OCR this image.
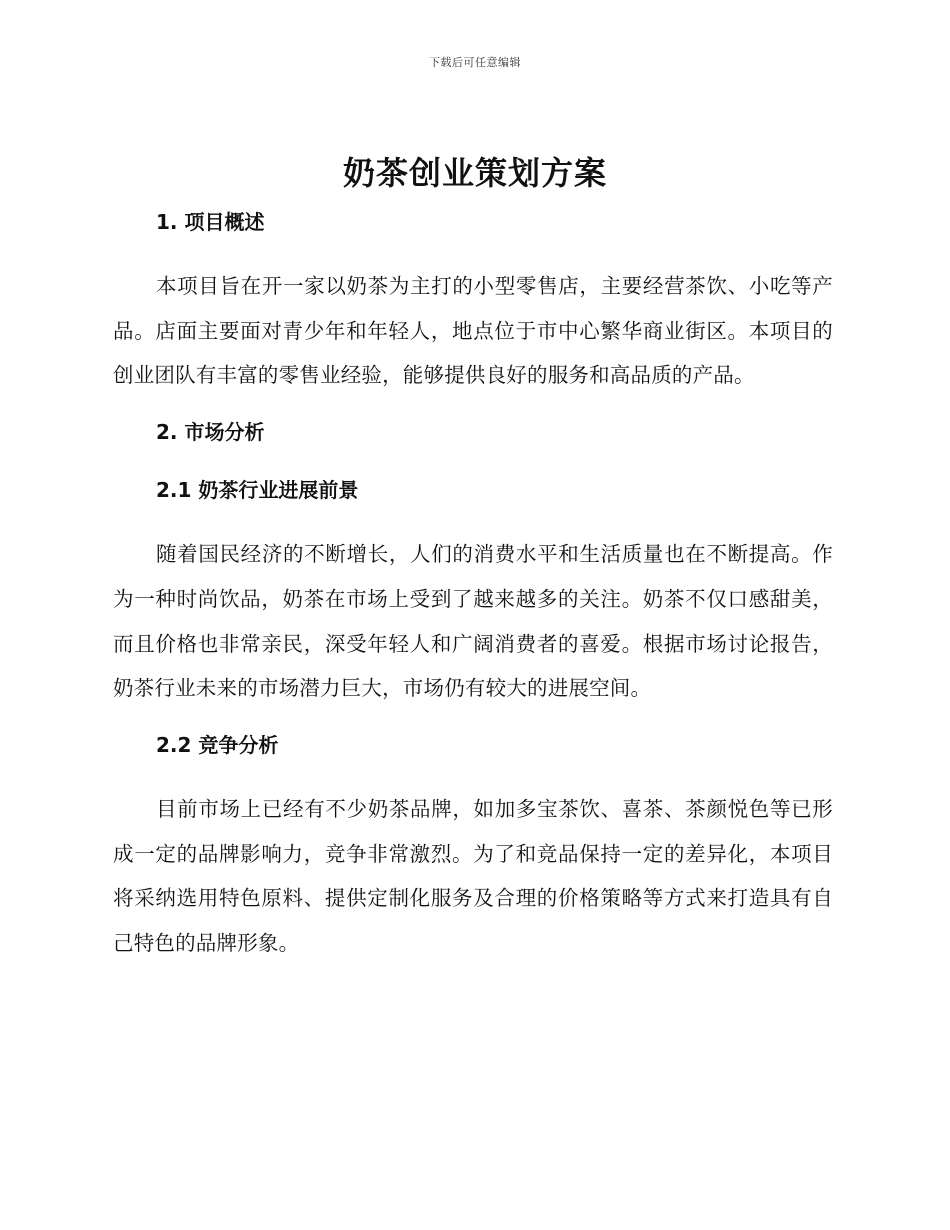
下载后可任意编辑
奶茶创业策划方案
1. 项目概述

本项目旨在开一家以奶茶为主打的小型零售店，主要经营茶饮、小吃等产品。店面主要面对青少年和年轻人，地点位于市中心繁华商业街区。本项目的创业团队有丰富的零售业经验，能够提供良好的服务和高品质的产品。

2. 市场分析
2.1 奶茶行业进展前景

随着国民经济的不断增长，人们的消费水平和生活质量也在不断提高。作为一种时尚饮品，奶茶在市场上受到了越来越多的关注。奶茶不仅口感甜美，而且价格也非常亲民，深受年轻人和广阔消费者的喜爱。根据市场讨论报告，奶茶行业未来的市场潜力巨大，市场仍有较大的进展空间。

2.2 竞争分析

目前市场上已经有不少奶茶品牌，如加多宝茶饮、喜茶、茶颜悦色等已形成一定的品牌影响力，竞争非常激烈。为了和竞品保持一定的差异化，本项目将采纳选用特色原料、提供定制化服务及合理的价格策略等方式来打造具有自己特色的品牌形象。
